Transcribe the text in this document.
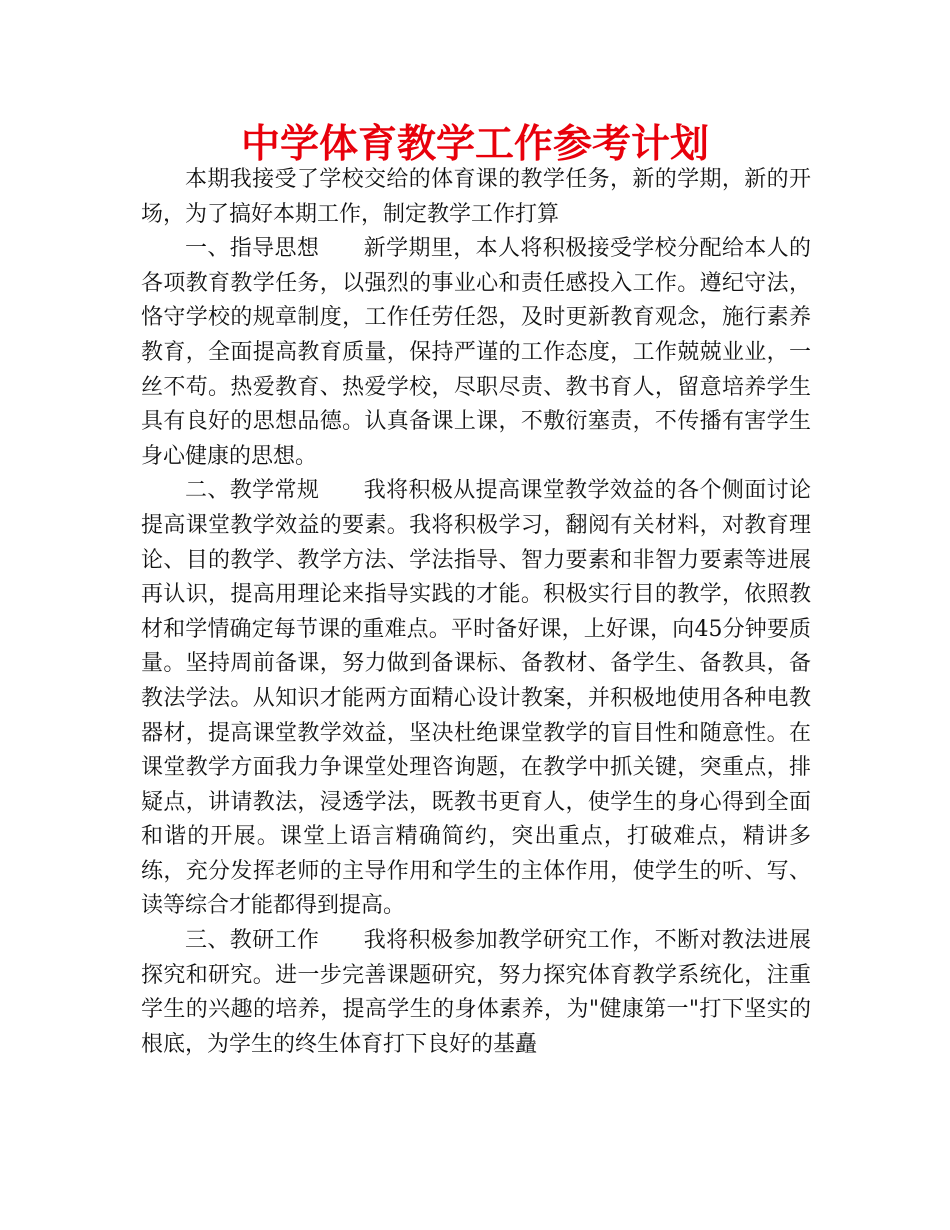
中学体育教学工作参考计划

本期我接受了学校交给的体育课的教学任务，新的学期，新的开场，为了搞好本期工作，制定教学工作打算

一、指导思想 新学期里，本人将积极接受学校分配给本人的各项教育教学任务，以强烈的事业心和责任感投入工作。遵纪守法，恪守学校的规章制度，工作任劳任怨，及时更新教育观念，施行素养教育，全面提高教育质量，保持严谨的工作态度，工作兢兢业业，一丝不苟。热爱教育、热爱学校，尽职尽责、教书育人，留意培养学生具有良好的思想品德。认真备课上课，不敷衍塞责，不传播有害学生身心健康的思想。

二、教学常规 我将积极从提高课堂教学效益的各个侧面讨论提高课堂教学效益的要素。我将积极学习，翻阅有关材料，对教育理论、目的教学、教学方法、学法指导、智力要素和非智力要素等进展再认识，提高用理论来指导实践的才能。积极实行目的教学，依照教材和学情确定每节课的重难点。平时备好课，上好课，向45分钟要质量。坚持周前备课，努力做到备课标、备教材、备学生、备教具，备教法学法。从知识才能两方面精心设计教案，并积极地使用各种电教器材，提高课堂教学效益，坚决杜绝课堂教学的盲目性和随意性。在课堂教学方面我力争课堂处理咨询题，在教学中抓关键，突重点，排疑点，讲请教法，浸透学法，既教书更育人，使学生的身心得到全面和谐的开展。课堂上语言精确简约，突出重点，打破难点，精讲多练，充分发挥老师的主导作用和学生的主体作用，使学生的听、写、读等综合才能都得到提高。

三、教研工作 我将积极参加教学研究工作，不断对教法进展探究和研究。进一步完善课题研究，努力探究体育教学系统化，注重学生的兴趣的培养，提高学生的身体素养，为"健康第一"打下坚实的根底，为学生的终生体育打下良好的基矗
